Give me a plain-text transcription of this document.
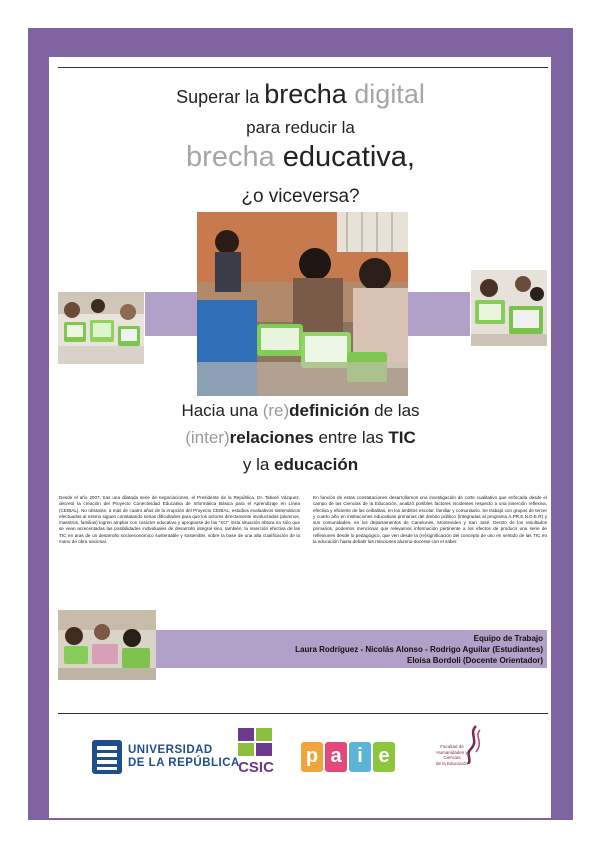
Superar la brecha digital
para reducir la
brecha educativa,
¿o viceversa?
Hacia una (re)definición de las
(inter)relaciones entre las TIC
y la educación
Desde el año 2007, tras una dilatada serie de negociaciones, el Presidente de la República, Dr. Tabaré Vázquez, decretó la creación del Proyecto Conectividad Educativa de Informática Básica para el Aprendizaje en Línea (CEIBAL). No obstante, a más de cuatro años de la irrupción del Proyecto CEIBAL, estudios evaluativos sistemáticos efectuados al mismo siguen constatando serias dificultades para que los actores directamente involucrados (alumnos, maestros, familias) logren ampliar con carácter educativo y apropiarse de las "XO". Esta situación obtura no sólo que se vean acrecentadas las posibilidades individuales de desarrollo integral sino, también, la inserción efectiva de las TIC en aras de un desarrollo socioeconómico sustentable y sostenible, sobre la base de una alta cualificación de la mano de obra nacional.
En función de estas constataciones desarrollamos una investigación de corte cualitativo que enfocada desde el campo de las Ciencias de la Educación, analizó posibles factores incidentes respecto a una inserción reflexiva, efectiva y eficiente de las ceibalitas, en los ámbitos escolar, familiar y comunitario. Se trabajó con grupos de tercer y cuarto año en instituciones educativas primarias del ámbito público (integradas al programa A.PR.E.N.D.E.R) y sus comunidades, en los departamentos de Canelones, Montevideo y San José. Dentro de los resultados primarios, podemos mencionar que relevamos información pertinente a los efectos de producir una serie de reflexiones desde lo pedagógico, que ven desde la (re)significación del concepto de uso en sentido de las TIC en la educación hasta debatir las relaciones alumno-docente con el saber.
Equipo de Trabajo
Laura Rodríguez - Nicolás Alonso - Rodrigo Aguilar (Estudiantes)
Eloísa Bordoli (Docente Orientador)
UNIVERSIDAD
DE LA REPÚBLICA
CSIC
p a i e	Facultad de
Humanidades y
Ciencias
de la Educación
